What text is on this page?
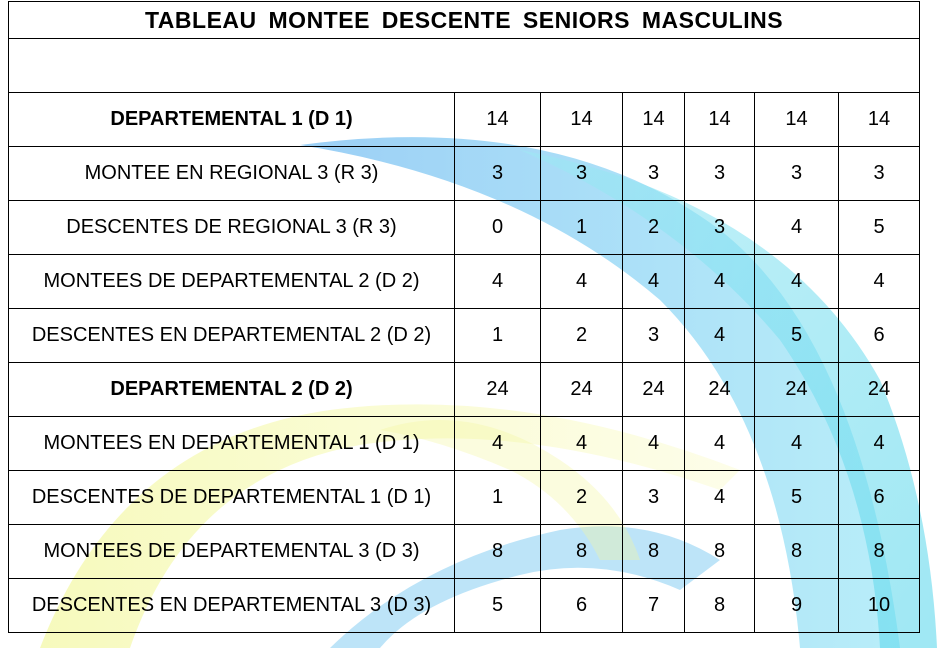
TABLEAU MONTEE DESCENTE SENIORS MASCULINS						

DEPARTEMENTAL 1 (D 1)	14	14	14	14	14	14
MONTEE EN REGIONAL 3 (R 3)	3	3	3	3	3	3
DESCENTES DE REGIONAL 3 (R 3)	0	1	2	3	4	5
MONTEES DE DEPARTEMENTAL 2 (D 2)	4	4	4	4	4	4
DESCENTES EN DEPARTEMENTAL 2 (D 2)	1	2	3	4	5	6
DEPARTEMENTAL 2 (D 2)	24	24	24	24	24	24
MONTEES EN DEPARTEMENTAL 1 (D 1)	4	4	4	4	4	4
DESCENTES DE DEPARTEMENTAL 1 (D 1)	1	2	3	4	5	6
MONTEES DE DEPARTEMENTAL 3 (D 3)	8	8	8	8	8	8
DESCENTES EN DEPARTEMENTAL 3 (D 3)	5	6	7	8	9	10
